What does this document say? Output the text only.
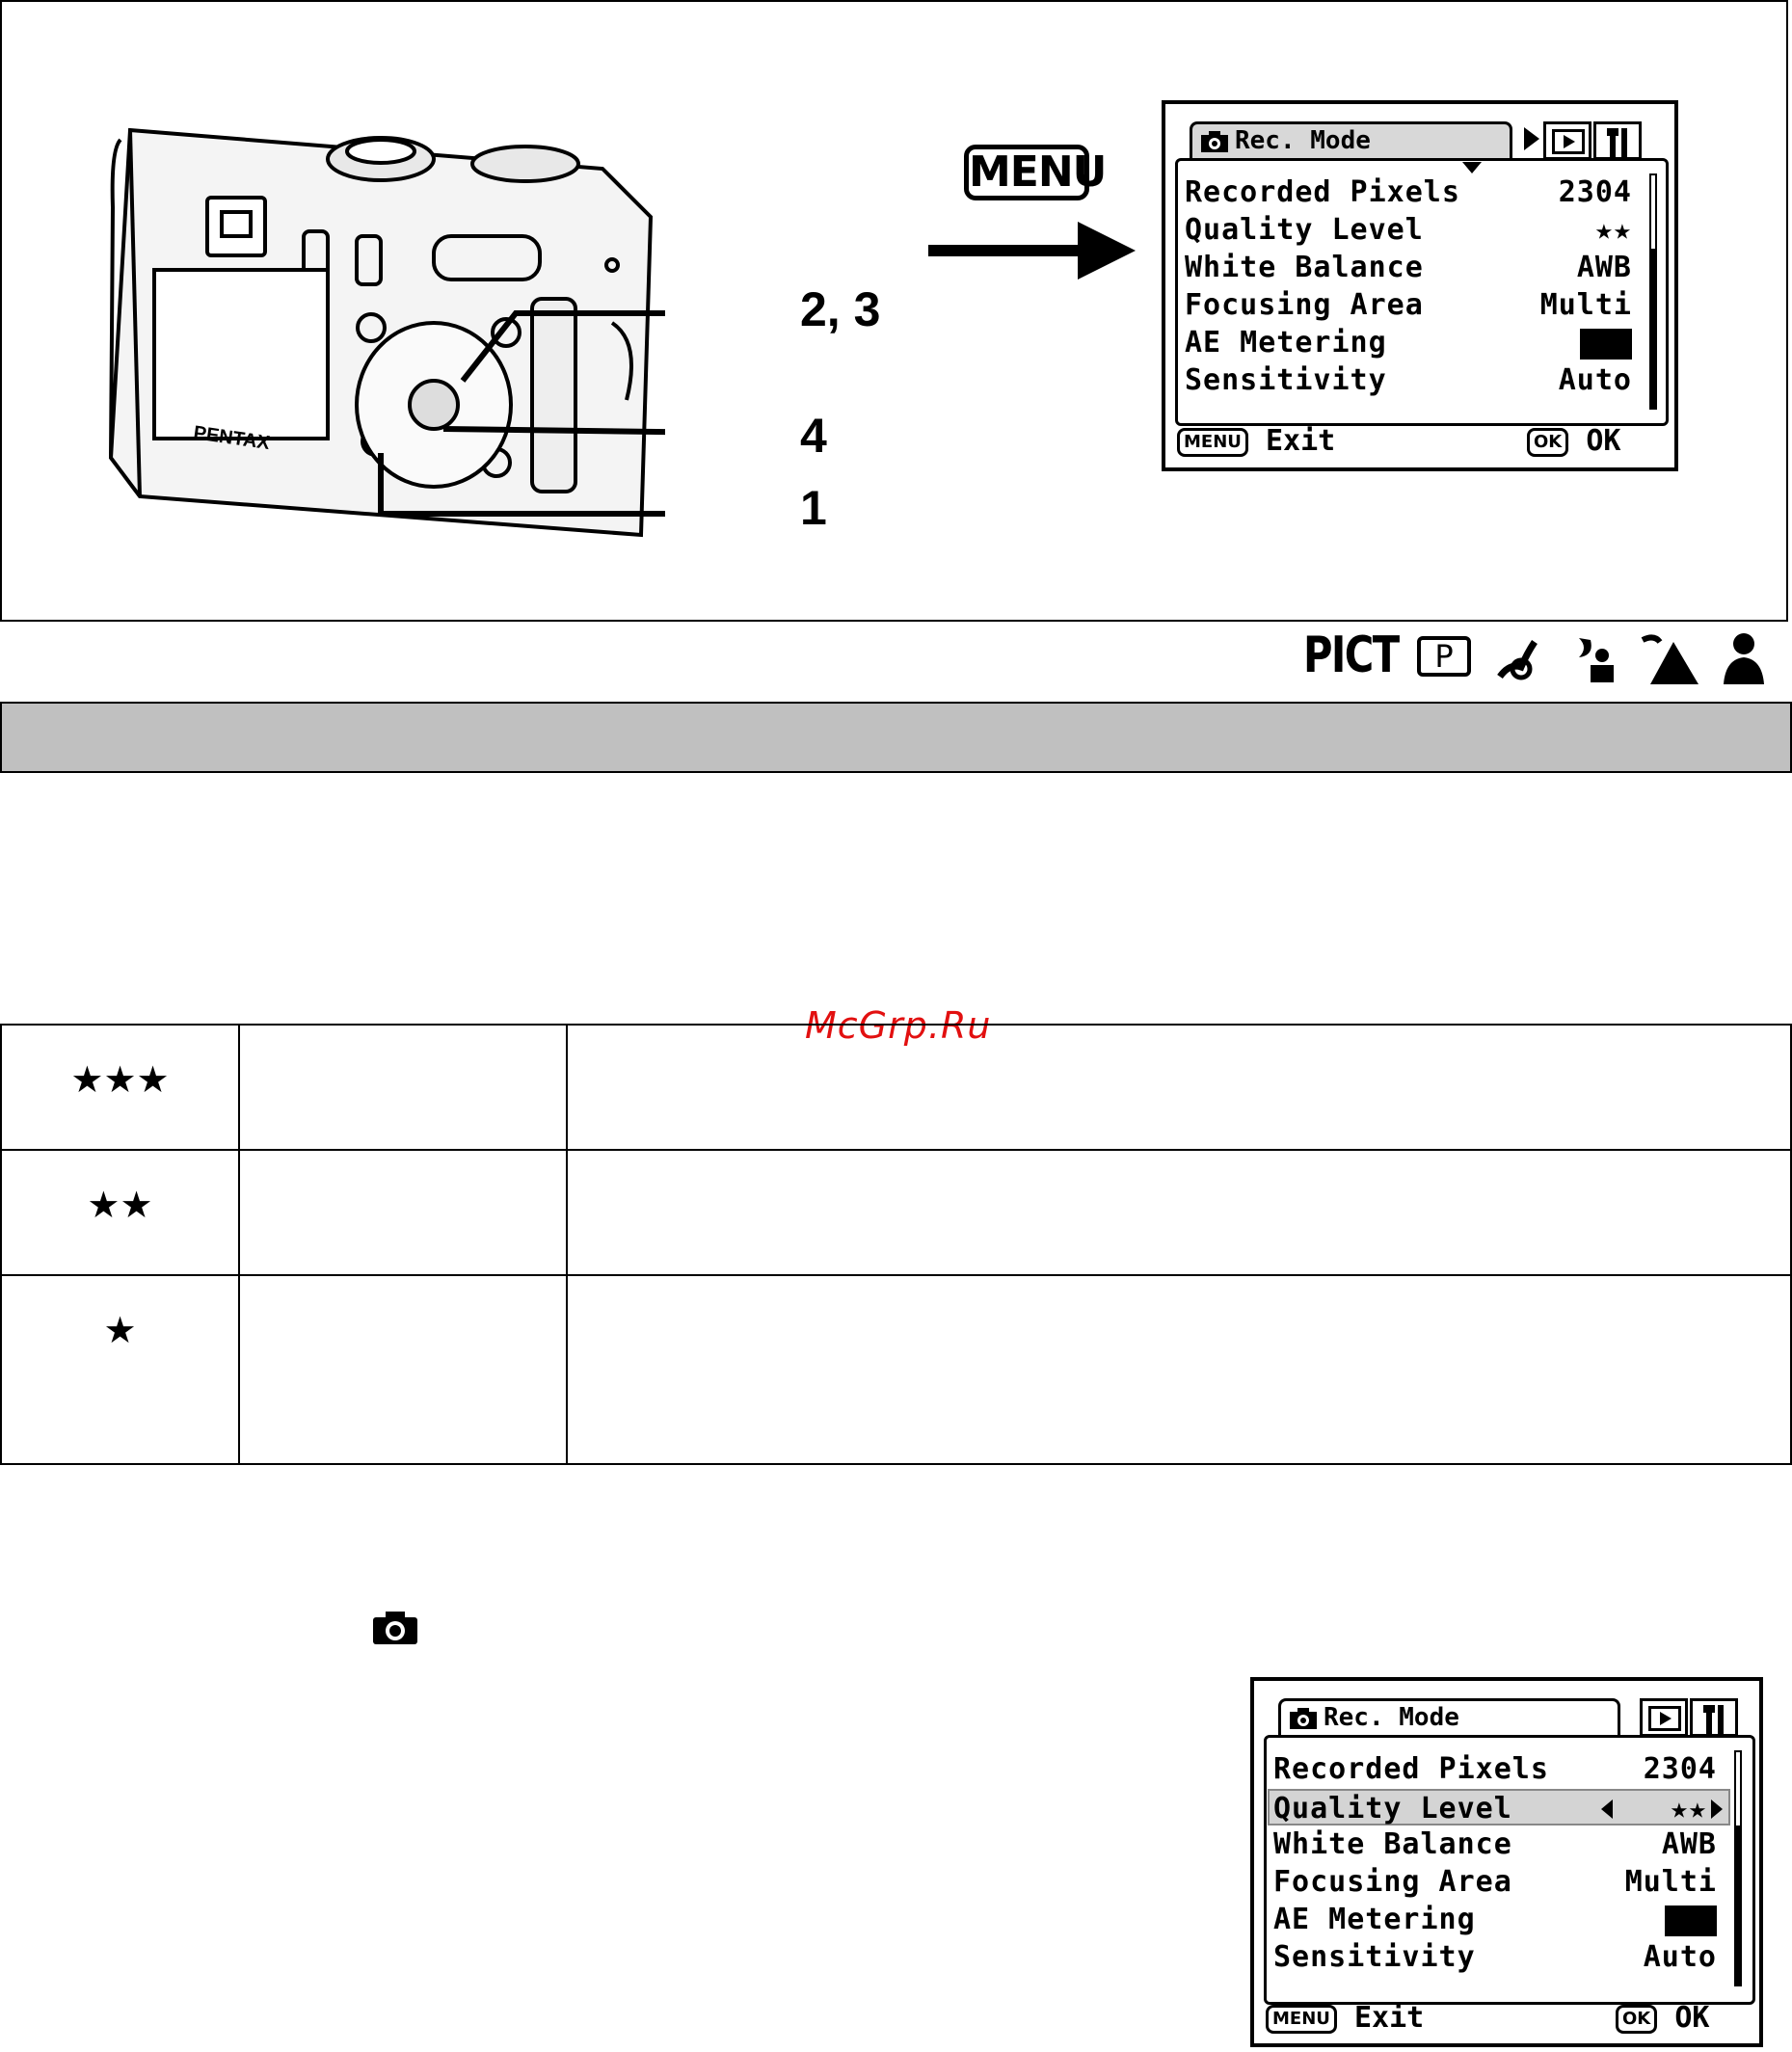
PENTAX
2, 3
4
1
MENU
Rec. Mode
Recorded Pixels	2304
Quality Level	★★
White Balance	AWB
Focusing Area	Multi
AE Metering
Sensitivity	Auto
MENU Exit	OK OK
PICT	P
McGrp.Ru
★★★		
★★		
★		
Rec. Mode
Recorded Pixels	2304
Quality Level	★★
White Balance	AWB
Focusing Area	Multi
AE Metering
Sensitivity	Auto
MENU Exit	OK OK
